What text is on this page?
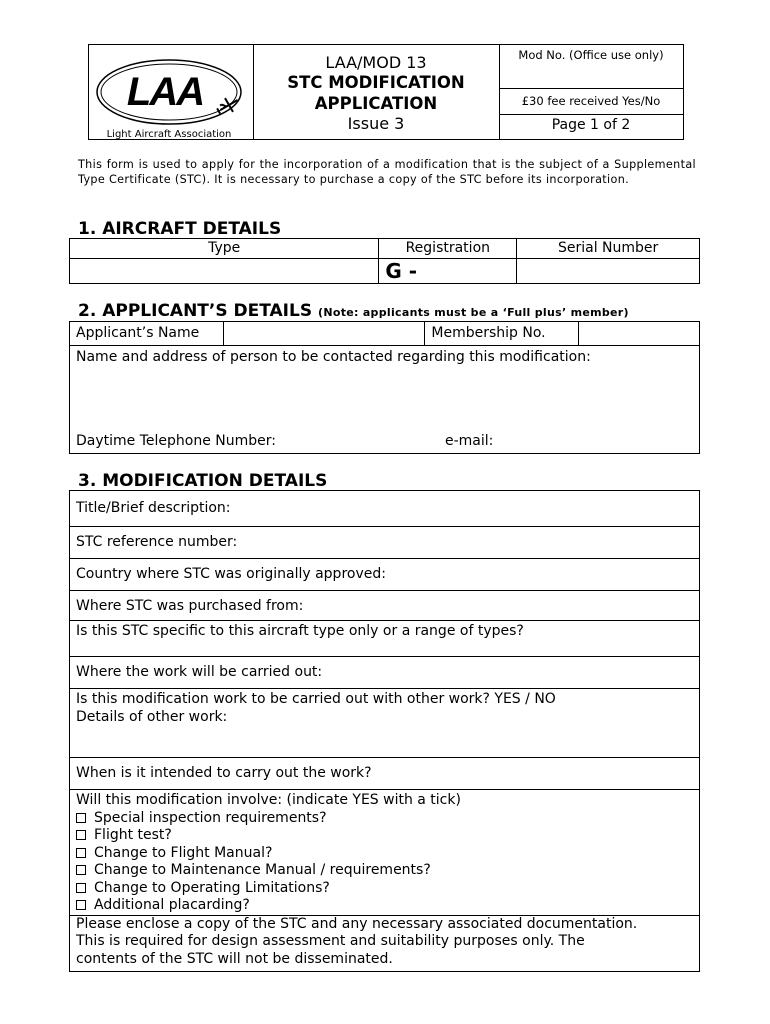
LAA
Light Aircraft Association
LAA/MOD 13
STC MODIFICATION
APPLICATION
Issue 3
Mod No. (Office use only)
£30 fee received Yes/No
Page 1 of 2
This form is used to apply for the incorporation of a modification that is the subject of a Supplemental Type Certificate (STC). It is necessary to purchase a copy of the STC before its incorporation.
1. AIRCRAFT DETAILS
Type	Registration	Serial Number
	G -	
2. APPLICANT’S DETAILS (Note: applicants must be a ‘Full plus’ member)
Applicant’s Name		Membership No.	

Name and address of person to be contacted regarding this modification:
Daytime Telephone Number:	e-mail:
3. MODIFICATION DETAILS
Title/Brief description:
STC reference number:
Country where STC was originally approved:
Where STC was purchased from:
Is this STC specific to this aircraft type only or a range of types?
Where the work will be carried out:

Is this modification work to be carried out with other work? YES / NO
Details of other work:

When is it intended to carry out the work?

Will this modification involve: (indicate YES with a tick)
Special inspection requirements?
Flight test?
Change to Flight Manual?
Change to Maintenance Manual / requirements?
Change to Operating Limitations?
Additional placarding?

Please enclose a copy of the STC and any necessary associated documentation.
This is required for design assessment and suitability purposes only. The
contents of the STC will not be disseminated.
